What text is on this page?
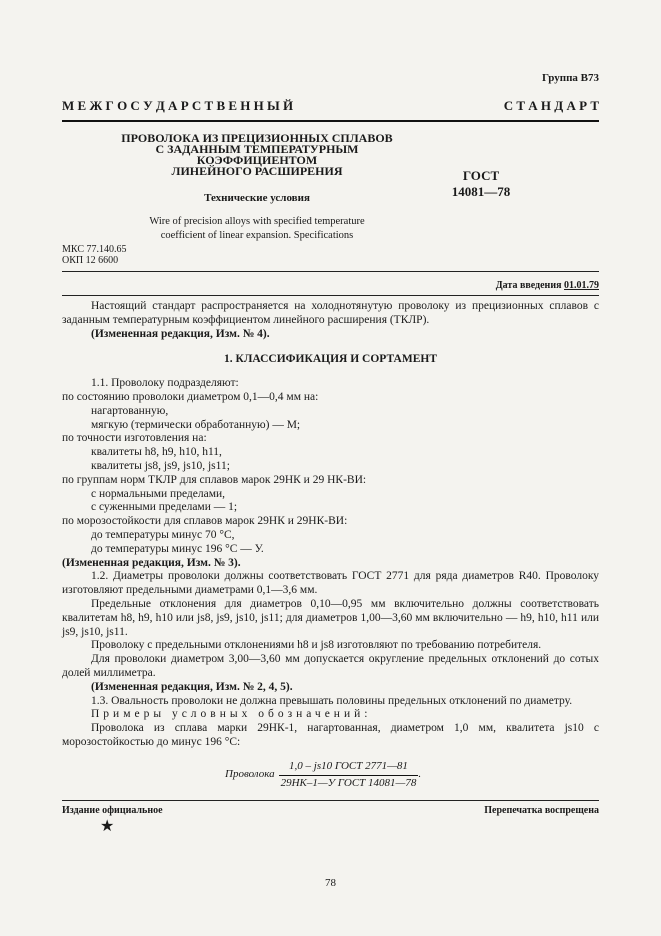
Группа В73
М Е Ж Г О С У Д А Р С Т В Е Н Н Ы Й	С Т А Н Д А Р Т

ПРОВОЛОКА ИЗ ПРЕЦИЗИОННЫХ СПЛАВОВ

С ЗАДАННЫМ ТЕМПЕРАТУРНЫМ

КОЭФФИЦИЕНТОМ

ЛИНЕЙНОГО РАСШИРЕНИЯ

Технические условия
Wire of precision alloys with specified temperature
coefficient of linear expansion. Specifications
ГОСТ
14081—78
МКС 77.140.65
ОКП 12 6600
Дата введения 01.01.79

Настоящий стандарт распространяется на холоднотянутую проволоку из прецизионных сплавов с заданным температурным коэффициентом линейного расширения (ТКЛР).

(Измененная редакция, Изм. № 4).

1. КЛАССИФИКАЦИЯ И СОРТАМЕНТ

1.1. Проволоку подразделяют:

по состоянию проволоки диаметром 0,1—0,4 мм на:

нагартованную,

мягкую (термически обработанную) — М;

по точности изготовления на:

квалитеты h8, h9, h10, h11,

квалитеты js8, js9, js10, js11;

по группам норм ТКЛР для сплавов марок 29НК и 29 НК-ВИ:

с нормальными пределами,

с суженными пределами — 1;

по морозостойкости для сплавов марок 29НК и 29НК-ВИ:

до температуры минус 70 °С,

до температуры минус 196 °С — У.

(Измененная редакция, Изм. № 3).

1.2. Диаметры проволоки должны соответствовать ГОСТ 2771 для ряда диаметров R40. Проволоку изготовляют предельными диаметрами 0,1—3,6 мм.

Предельные отклонения для диаметров 0,10—0,95 мм включительно должны соответствовать квалитетам h8, h9, h10 или js8, js9, js10, js11; для диаметров 1,00—3,60 мм включительно — h9, h10, h11 или js9, js10, js11.

Проволоку с предельными отклонениями h8 и js8 изготовляют по требованию потребителя.

Для проволоки диаметром 3,00—3,60 мм допускается округление предельных отклонений до сотых долей миллиметра.

(Измененная редакция, Изм. № 2, 4, 5).

1.3. Овальность проволоки не должна превышать половины предельных отклонений по диаметру.

Примеры условных обозначений:

Проволока из сплава марки 29НК-1, нагартованная, диаметром 1,0 мм, квалитета js10 с морозостойкостью до минус 196 °С:

Проволока $\frac{\text{1,0 – js10 ГОСТ 2771—81}}{\text{29НК–1—У ГОСТ 14081—78}}$ .

Издание официальное	Перепечатка воспрещена
★
78
